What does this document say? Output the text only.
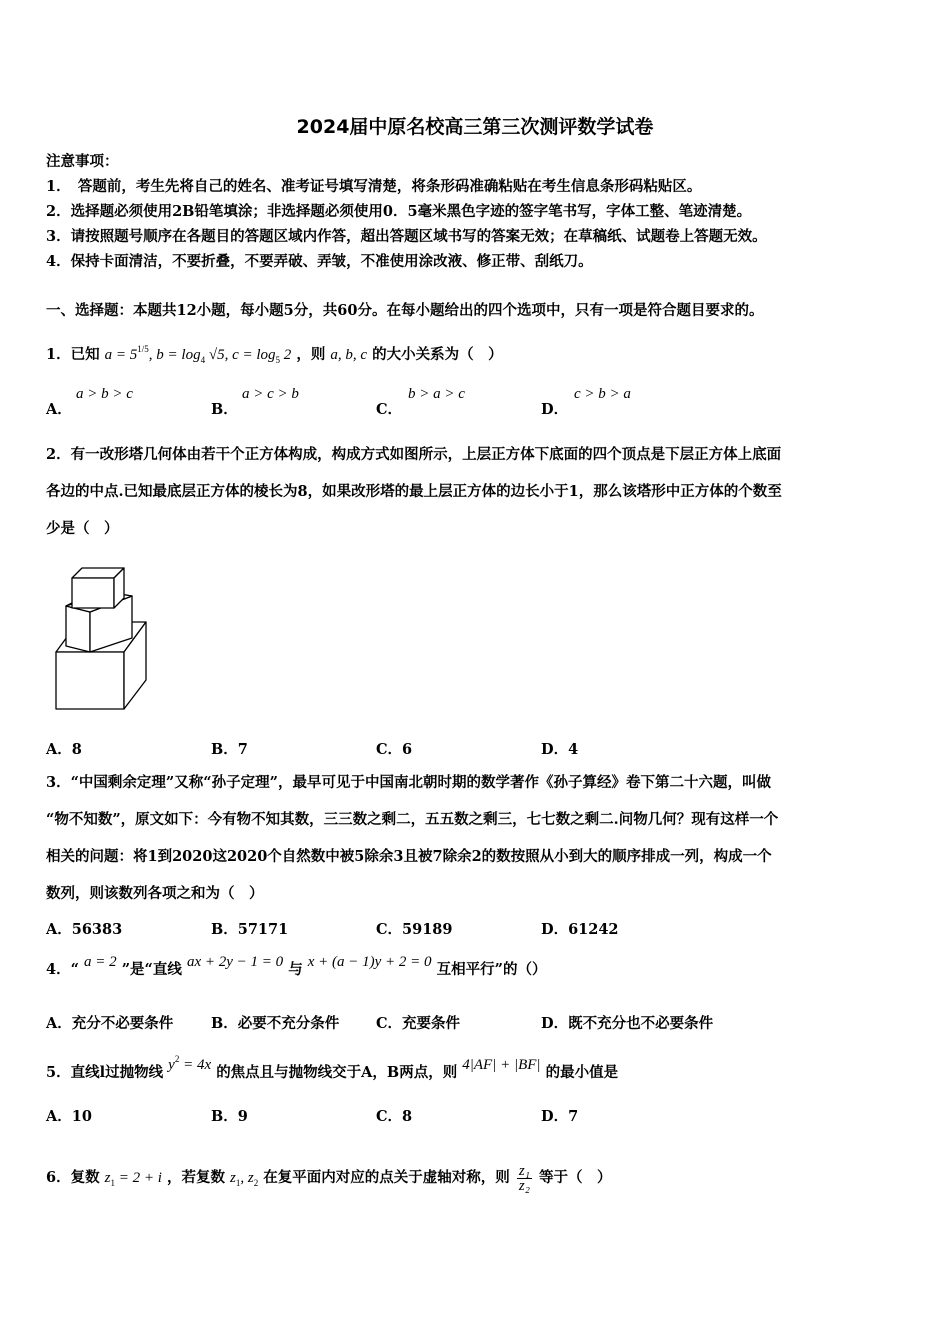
2024届中原名校高三第三次测评数学试卷
注意事项：
1．　答题前，考生先将自己的姓名、准考证号填写清楚，将条形码准确粘贴在考生信息条形码粘贴区。
2．选择题必须使用2B铅笔填涂；非选择题必须使用0．5毫米黑色字迹的签字笔书写，字体工整、笔迹清楚。
3．请按照题号顺序在各题目的答题区域内作答，超出答题区域书写的答案无效；在草稿纸、试题卷上答题无效。
4．保持卡面清洁，不要折叠，不要弄破、弄皱，不准使用涂改液、修正带、刮纸刀。
一、选择题：本题共12小题，每小题5分，共60分。在每小题给出的四个选项中，只有一项是符合题目要求的。
1．已知 $a = 5^{1/5}$, $b = \log_4 √5$, $c = \log_5 2$ ，则 a, b, c 的大小关系为（　）
A．
a > b > c
B．
a > c > b
C．
b > a > c
D．
c > b > a
2．有一改形塔几何体由若干个正方体构成，构成方式如图所示，上层正方体下底面的四个顶点是下层正方体上底面
各边的中点.已知最底层正方体的棱长为8，如果改形塔的最上层正方体的边长小于1，那么该塔形中正方体的个数至
少是（　）
A．8	B．7	C．6	D．4
3．“中国剩余定理”又称“孙子定理”，最早可见于中国南北朝时期的数学著作《孙子算经》卷下第二十六题，叫做
“物不知数”，原文如下：今有物不知其数，三三数之剩二，五五数之剩三，七七数之剩二.问物几何？现有这样一个
相关的问题：将1到2020这2020个自然数中被5除余3且被7除余2的数按照从小到大的顺序排成一列，构成一个
数列，则该数列各项之和为（　）
A．56383	B．57171	C．59189	D．61242
4．“ a = 2 ”是“直线 ax + 2y − 1 = 0 与 x + (a − 1)y + 2 = 0 互相平行”的（）
A．充分不必要条件	B．必要不充分条件	C．充要条件	D．既不充分也不必要条件
5．直线l过抛物线 $y^2 = 4x$ 的焦点且与抛物线交于A，B两点，则 4|AF| + |BF| 的最小值是
A．10	B．9	C．8	D．7
6．复数 $z_1 = 2 + i$ ，若复数 $z_1$, $z_2$ 在复平面内对应的点关于虚轴对称，则 $\frac{\text{z₁}}{\text{z₂}}$ 等于（　）
